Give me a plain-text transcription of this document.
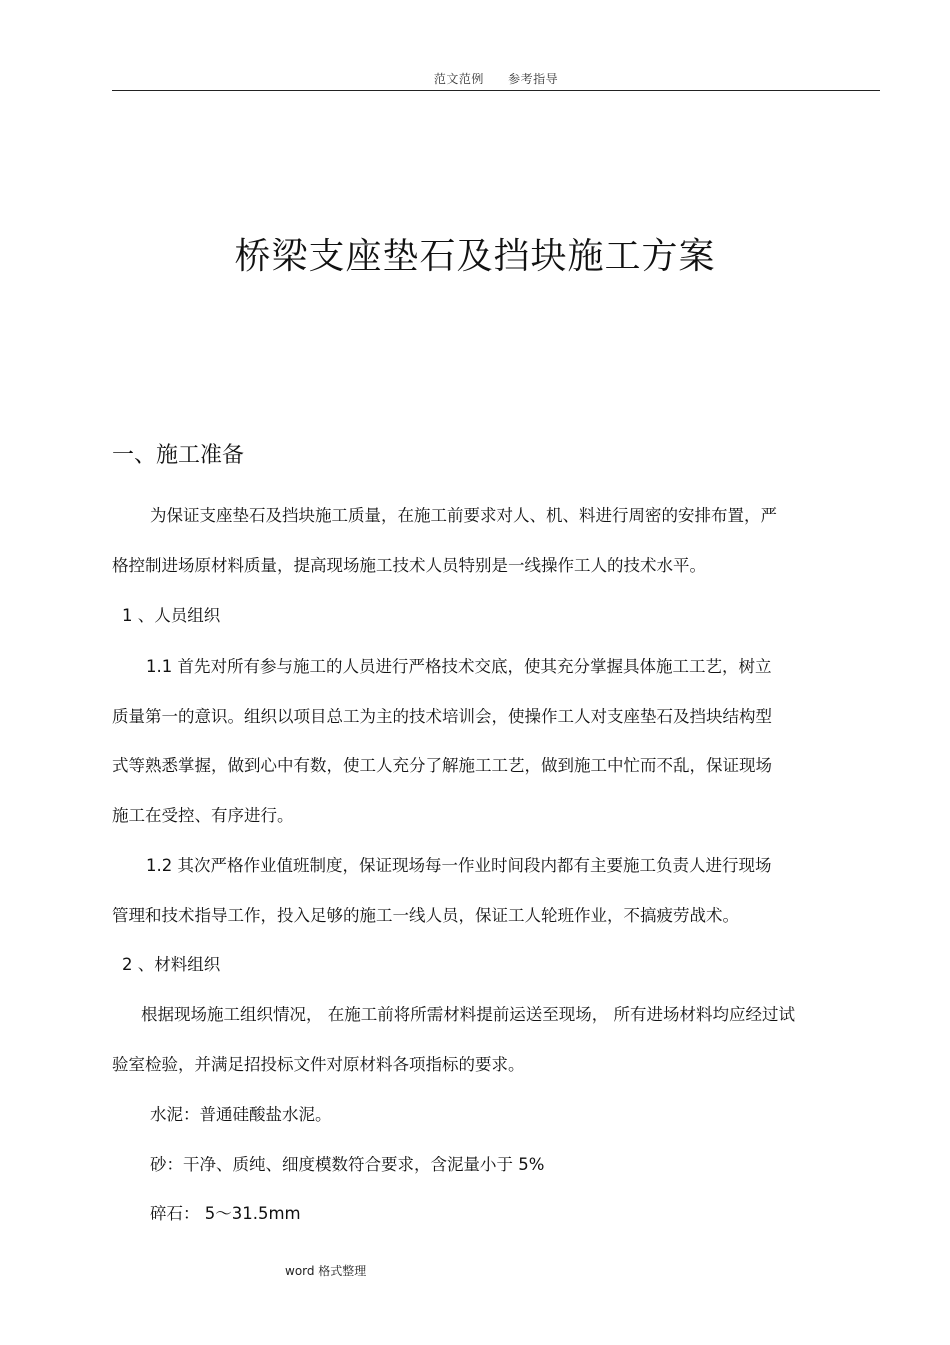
范文范例 参考指导
桥梁支座垫石及挡块施工方案
一、施工准备
为保证支座垫石及挡块施工质量，在施工前要求对人、机、料进行周密的安排布置，严
格控制进场原材料质量，提高现场施工技术人员特别是一线操作工人的技术水平。
1 、人员组织
1.1 首先对所有参与施工的人员进行严格技术交底，使其充分掌握具体施工工艺，树立
质量第一的意识。组织以项目总工为主的技术培训会，使操作工人对支座垫石及挡块结构型
式等熟悉掌握，做到心中有数，使工人充分了解施工工艺，做到施工中忙而不乱，保证现场
施工在受控、有序进行。
1.2 其次严格作业值班制度，保证现场每一作业时间段内都有主要施工负责人进行现场
管理和技术指导工作，投入足够的施工一线人员，保证工人轮班作业，不搞疲劳战术。
2 、材料组织
根据现场施工组织情况， 在施工前将所需材料提前运送至现场， 所有进场材料均应经过试
验室检验，并满足招投标文件对原材料各项指标的要求。
水泥：普通硅酸盐水泥。
砂：干净、质纯、细度模数符合要求，含泥量小于 5%
碎石： 5～31.5mm
word 格式整理
